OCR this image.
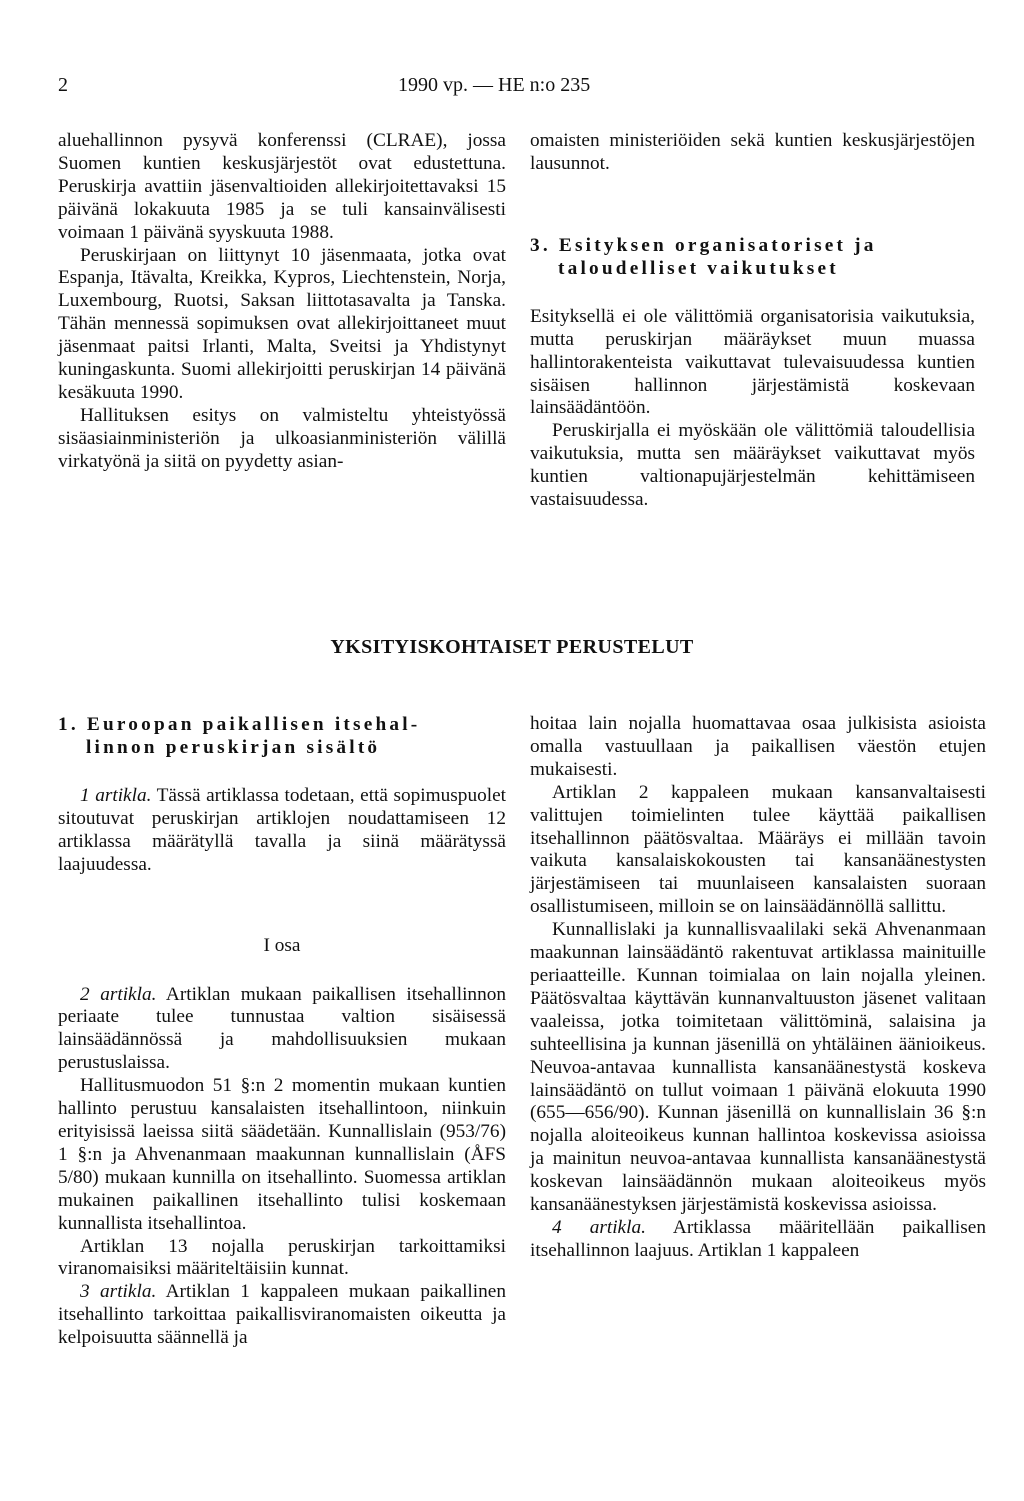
2	1990 vp. — HE n:o 235

aluehallinnon pysyvä konferenssi (CLRAE), jossa Suomen kuntien keskusjärjestöt ovat edustettuna. Peruskirja avattiin jäsenvaltioiden allekirjoitettavaksi 15 päivänä lokakuuta 1985 ja se tuli kansainvälisesti voimaan 1 päivänä syyskuuta 1988.

Peruskirjaan on liittynyt 10 jäsenmaata, jotka ovat Espanja, Itävalta, Kreikka, Kypros, Liechtenstein, Norja, Luxembourg, Ruotsi, Saksan liittotasavalta ja Tanska. Tähän mennessä sopimuksen ovat allekirjoittaneet muut jäsenmaat paitsi Irlanti, Malta, Sveitsi ja Yhdistynyt kuningaskunta. Suomi allekirjoitti peruskirjan 14 päivänä kesäkuuta 1990.

Hallituksen esitys on valmisteltu yhteistyössä sisäasiainministeriön ja ulkoasianministeriön välillä virkatyönä ja siitä on pyydetty asian-

omaisten ministeriöiden sekä kuntien keskusjärjestöjen lausunnot.

3. Esityksen organisatoriset ja
taloudelliset vaikutukset

Esityksellä ei ole välittömiä organisatorisia vaikutuksia, mutta peruskirjan määräykset muun muassa hallintorakenteista vaikuttavat tulevaisuudessa kuntien sisäisen hallinnon järjestämistä koskevaan lainsäädäntöön.

Peruskirjalla ei myöskään ole välittömiä taloudellisia vaikutuksia, mutta sen määräykset vaikuttavat myös kuntien valtionapujärjestelmän kehittämiseen vastaisuudessa.

YKSITYISKOHTAISET PERUSTELUT
1. Euroopan paikallisen itsehal-
linnon peruskirjan sisältö

1 artikla. Tässä artiklassa todetaan, että sopimuspuolet sitoutuvat peruskirjan artiklojen noudattamiseen 12 artiklassa määrätyllä tavalla ja siinä määrätyssä laajuudessa.

I osa

2 artikla. Artiklan mukaan paikallisen itsehallinnon periaate tulee tunnustaa valtion sisäisessä lainsäädännössä ja mahdollisuuksien mukaan perustuslaissa.

Hallitusmuodon 51 §:n 2 momentin mukaan kuntien hallinto perustuu kansalaisten itsehallintoon, niinkuin erityisissä laeissa siitä säädetään. Kunnallislain (953/76) 1 §:n ja Ahvenanmaan maakunnan kunnallislain (ÅFS 5/80) mukaan kunnilla on itsehallinto. Suomessa artiklan mukainen paikallinen itsehallinto tulisi koskemaan kunnallista itsehallintoa.

Artiklan 13 nojalla peruskirjan tarkoittamiksi viranomaisiksi määriteltäisiin kunnat.

3 artikla. Artiklan 1 kappaleen mukaan paikallinen itsehallinto tarkoittaa paikallisviranomaisten oikeutta ja kelpoisuutta säännellä ja

hoitaa lain nojalla huomattavaa osaa julkisista asioista omalla vastuullaan ja paikallisen väestön etujen mukaisesti.

Artiklan 2 kappaleen mukaan kansanvaltaisesti valittujen toimielinten tulee käyttää paikallisen itsehallinnon päätösvaltaa. Määräys ei millään tavoin vaikuta kansalaiskokousten tai kansanäänestysten järjestämiseen tai muunlaiseen kansalaisten suoraan osallistumiseen, milloin se on lainsäädännöllä sallittu.

Kunnallislaki ja kunnallisvaalilaki sekä Ahvenanmaan maakunnan lainsäädäntö rakentuvat artiklassa mainituille periaatteille. Kunnan toimialaa on lain nojalla yleinen. Päätösvaltaa käyttävän kunnanvaltuuston jäsenet valitaan vaaleissa, jotka toimitetaan välittöminä, salaisina ja suhteellisina ja kunnan jäsenillä on yhtäläinen äänioikeus. Neuvoa-antavaa kunnallista kansanäänestystä koskeva lainsäädäntö on tullut voimaan 1 päivänä elokuuta 1990 (655—656/90). Kunnan jäsenillä on kunnallislain 36 §:n nojalla aloiteoikeus kunnan hallintoa koskevissa asioissa ja mainitun neuvoa-antavaa kunnallista kansanäänestystä koskevan lainsäädännön mukaan aloiteoikeus myös kansanäänestyksen järjestämistä koskevissa asioissa.

4 artikla. Artiklassa määritellään paikallisen itsehallinnon laajuus. Artiklan 1 kappaleen
